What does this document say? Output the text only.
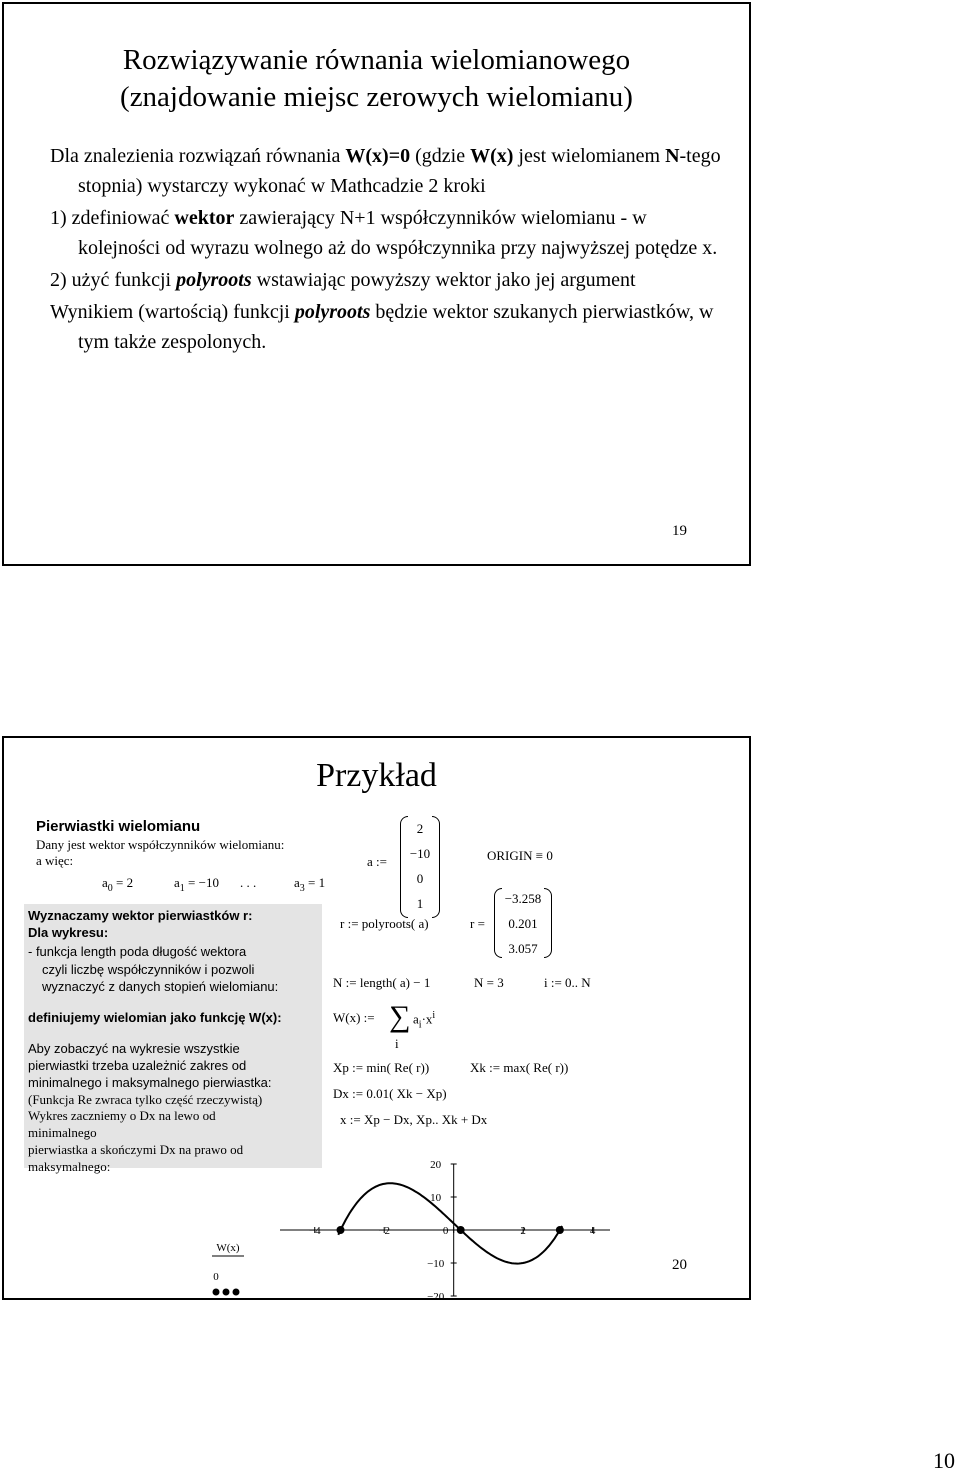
Rozwiązywanie równania wielomianowego
(znajdowanie miejsc zerowych wielomianu)

Dla znalezienia rozwiązań równania W(x)=0 (gdzie W(x) jest wielomianem N-tego stopnia) wystarczy wykonać w Mathcadzie 2 kroki

1) zdefiniować wektor zawierający N+1 współczynników wielomianu - w kolejności od wyrazu wolnego aż do współczynnika przy najwyższej potędze x.

2) użyć funkcji polyroots wstawiając powyższy wektor jako jej argument

Wynikiem (wartością) funkcji polyroots będzie wektor szukanych pierwiastków, w tym także zespolonych.

19
Przykład
Pierwiastki wielomianu
Dany jest wektor współczynników wielomianu:
a więc:
$a_0 = 2$	$a_1 = -10$ . . .	$a_3 = 1$
a :=
2
−10
0
1
ORIGIN ≡ 0
Wyznaczamy wektor pierwiastków r:
Dla wykresu:
- funkcja length poda długość wektora
czyli liczbę współczynników i pozwoli
wyznaczyć z danych stopień wielomianu:
definiujemy wielomian jako funkcję W(x):
Aby zobaczyć na wykresie wszystkie
pierwiastki trzeba uzależnić zakres od
minimalnego i maksymalnego pierwiastka:
(Funkcja Re zwraca tylko część rzeczywistą)
Wykres zaczniemy o Dx na lewo od
minimalnego
pierwiastka a skończymi Dx na prawo od
maksymalnego:
r := polyroots( a)	r =
−3.258
0.201
3.057
N := length( a) − 1	N = 3	i := 0.. N
W(x) := ∑
i
$a_i\cdot x^i$
Xp := min( Re( r))	Xk := max( Re( r))
Dx := 0.01( Xk − Xp)
x := Xp − Dx, Xp.. Xk + Dx
−4	−2	0	2	4
20
10
−10
−20
W(x)
0
20
10
